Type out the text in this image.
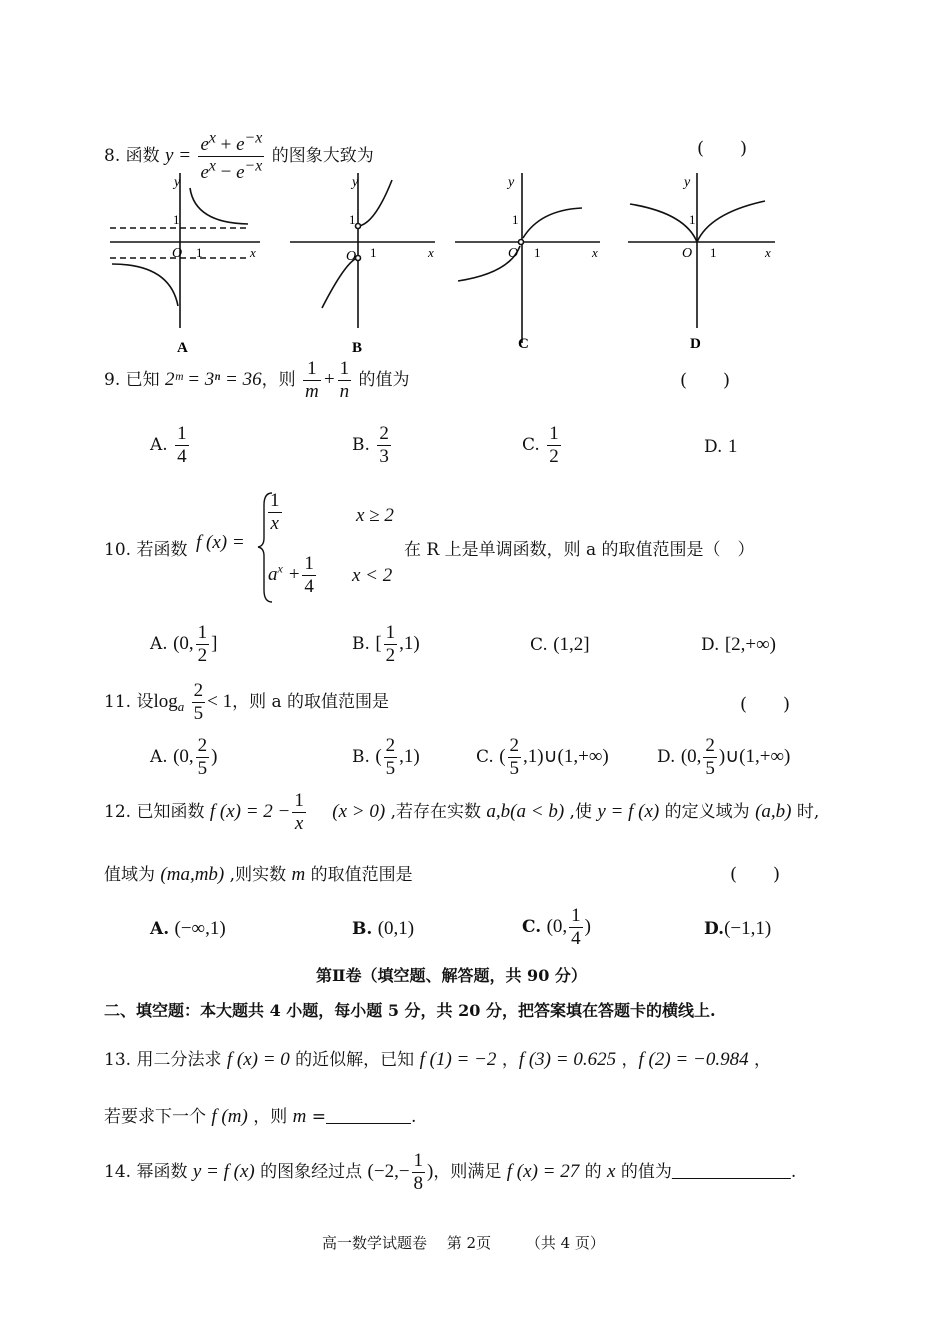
8. 函数 $y = \frac{e^x + e^{-x}}{e^x - e^{-x}}$ 的图象大致为	(　　)
y
1
O 1	x
A
y
1
O 1	x
B
y
1
O 1	x
C
y
1
O 1	x
D
9. 已知 2ᵐ = 3ⁿ = 36，则 $\frac{1}{m} + \frac{1}{n}$ 的值为	(　　)
A. $\frac{1}{4}$	B. $\frac{2}{3}$	C. $\frac{1}{2}$	D. 1
10. 若函数 f (x) =
$\frac{1}{x}$	x ≥ 2
$a^x + \frac{1}{4}$ x < 2
在 R 上是单调函数，则 a 的取值范围是（　）
A. (0, $\frac{1}{2}$ ]	B. [ $\frac{1}{2} ,1$)	C. (1,2]	D. [2,+∞)
11. 设$\log_a \frac{2}{5} < 1$，则 a 的取值范围是	(　　)
A. (0, $\frac{2}{5}$ )	B. ( $\frac{2}{5} ,1$)	C. ( $\frac{2}{5}$ ,1)∪(1,+∞)	D. (0, $\frac{2}{5}$ )∪(1,+∞)
12. 已知函数 f $(x) = 2 - \frac{1}{x}$ 　(x > 0) ,若存在实数 a,b(a < b) ,使 y = f (x) 的定义域为 (a,b) 时,
值域为 (ma,mb) ,则实数 m 的取值范围是	(　　)
A. (−∞,1)	B. (0,1)	C. (0, $\frac{1}{4}$ )	D.(−1,1)
第Ⅱ卷（填空题、解答题，共 90 分）
二、填空题：本大题共 4 小题，每小题 5 分，共 20 分，把答案填在答题卡的横线上.
13. 用二分法求 f (x) = 0 的近似解，已知 f (1) = −2 ，f (3) = 0.625 ，f (2) = −0.984 ，
若要求下一个 f (m) ，则 m =　　　　　	.
14. 幂函数 y = f (x) 的图象经过点 ($-2,- \frac{1}{8}$ )，则满足 f (x) = 27 的 x 的值为　　　　　　　	.
高一数学试题卷　 第 2页　　 （共 4 页）
